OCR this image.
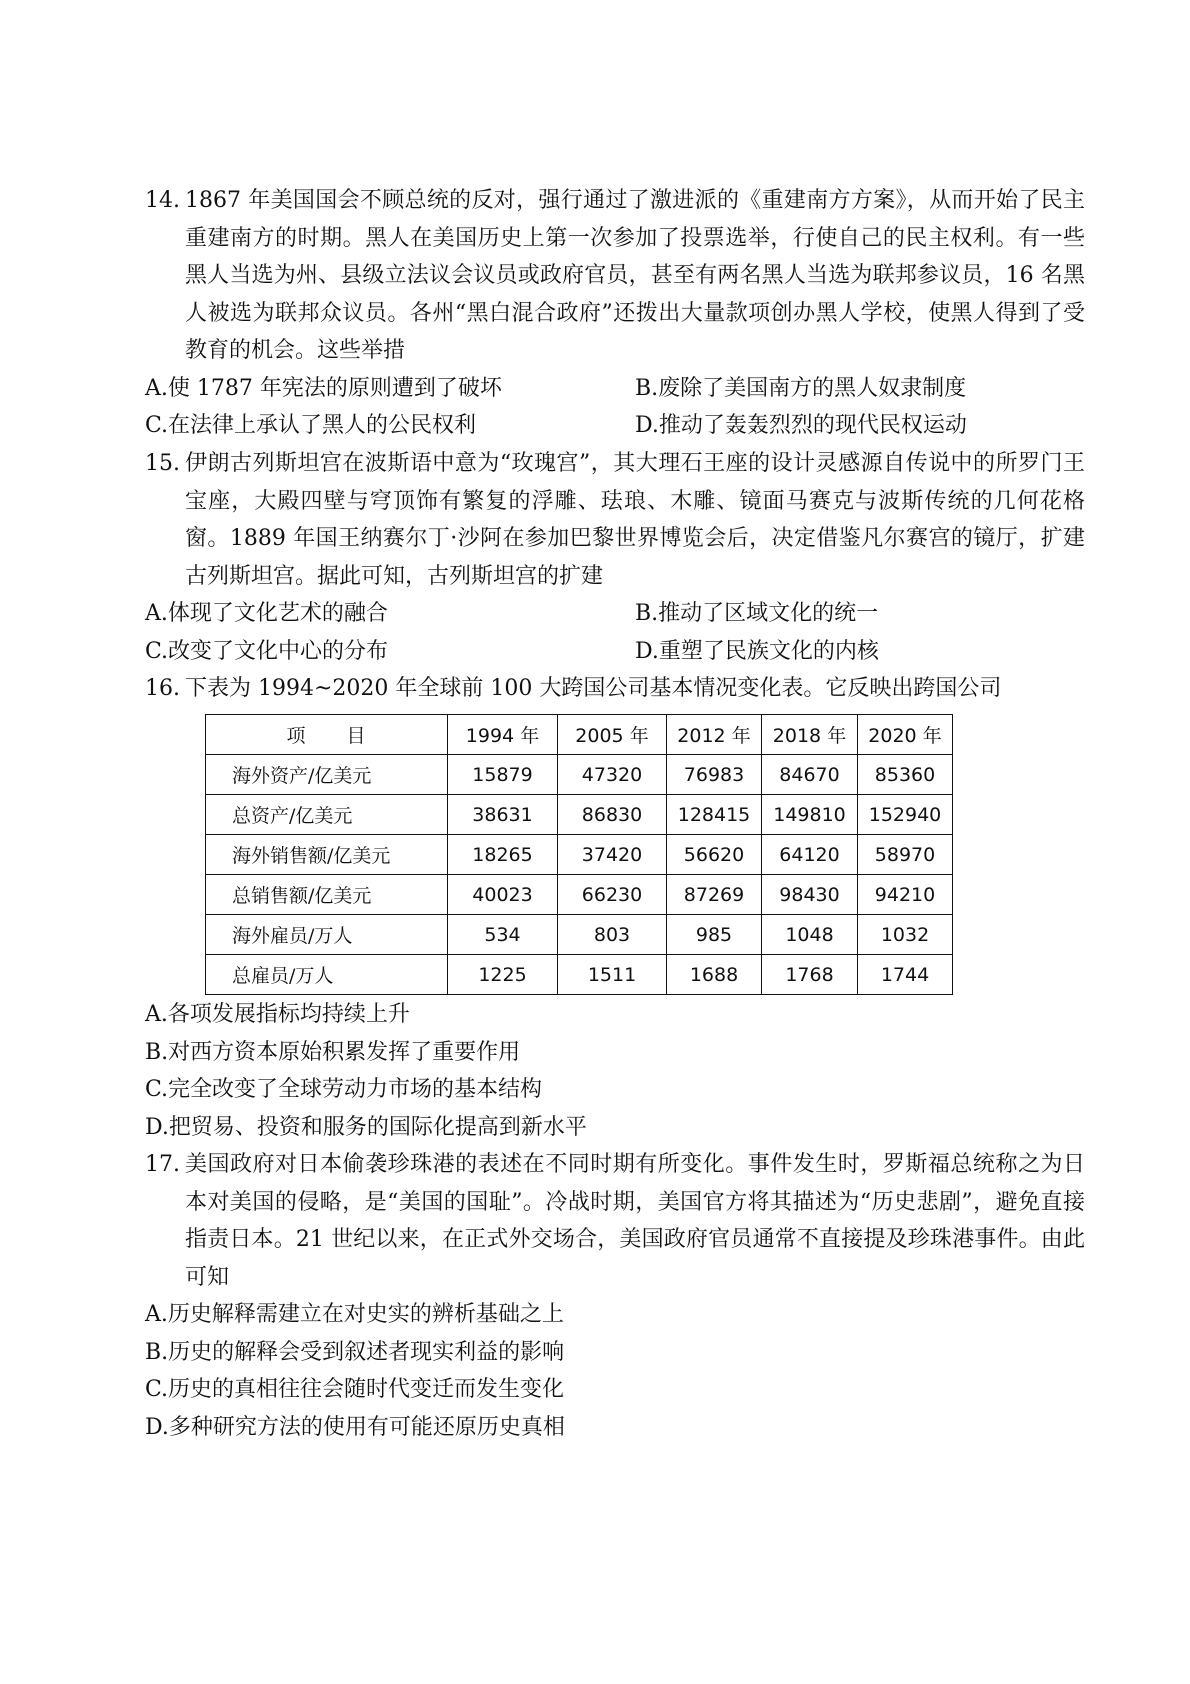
14. 1867 年美国国会不顾总统的反对，强行通过了激进派的《重建南方方案》，从而开始了民主重建南方的时期。黑人在美国历史上第一次参加了投票选举，行使自己的民主权利。有一些黑人当选为州、县级立法议会议员或政府官员，甚至有两名黑人当选为联邦参议员，16 名黑人被选为联邦众议员。各州“黑白混合政府”还拨出大量款项创办黑人学校，使黑人得到了受教育的机会。这些举措
A.使 1787 年宪法的原则遭到了破坏	B.废除了美国南方的黑人奴隶制度
C.在法律上承认了黑人的公民权利	D.推动了轰轰烈烈的现代民权运动
15. 伊朗古列斯坦宫在波斯语中意为“玫瑰宫”，其大理石王座的设计灵感源自传说中的所罗门王宝座，大殿四壁与穹顶饰有繁复的浮雕、珐琅、木雕、镜面马赛克与波斯传统的几何花格窗。1889 年国王纳赛尔丁·沙阿在参加巴黎世界博览会后，决定借鉴凡尔赛宫的镜厅，扩建古列斯坦宫。据此可知，古列斯坦宫的扩建
A.体现了文化艺术的融合	B.推动了区域文化的统一
C.改变了文化中心的分布	D.重塑了民族文化的内核
16. 下表为 1994~2020 年全球前 100 大跨国公司基本情况变化表。它反映出跨国公司
项　　目	1994 年	2005 年	2012 年	2018 年	2020 年
海外资产/亿美元	15879	47320	76983	84670	85360
总资产/亿美元	38631	86830	128415	149810	152940
海外销售额/亿美元	18265	37420	56620	64120	58970
总销售额/亿美元	40023	66230	87269	98430	94210
海外雇员/万人	534	803	985	1048	1032
总雇员/万人	1225	1511	1688	1768	1744
A.各项发展指标均持续上升
B.对西方资本原始积累发挥了重要作用
C.完全改变了全球劳动力市场的基本结构
D.把贸易、投资和服务的国际化提高到新水平
17. 美国政府对日本偷袭珍珠港的表述在不同时期有所变化。事件发生时，罗斯福总统称之为日本对美国的侵略，是“美国的国耻”。冷战时期，美国官方将其描述为“历史悲剧”，避免直接指责日本。21 世纪以来，在正式外交场合，美国政府官员通常不直接提及珍珠港事件。由此可知
A.历史解释需建立在对史实的辨析基础之上
B.历史的解释会受到叙述者现实利益的影响
C.历史的真相往往会随时代变迁而发生变化
D.多种研究方法的使用有可能还原历史真相
